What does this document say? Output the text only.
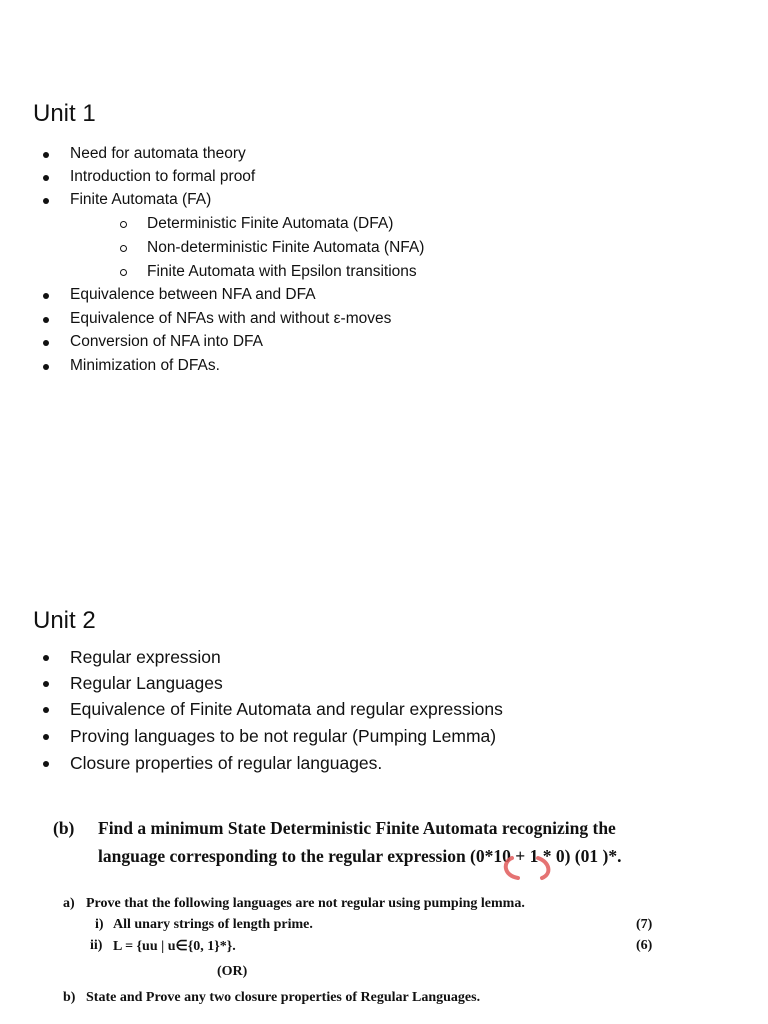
Unit 1
Need for automata theory
Introduction to formal proof
Finite Automata (FA)
Deterministic Finite Automata (DFA)
Non-deterministic Finite Automata (NFA)
Finite Automata with Epsilon transitions
Equivalence between NFA and DFA
Equivalence of NFAs with and without ε-moves
Conversion of NFA into DFA
Minimization of DFAs.
Unit 2
Regular expression
Regular Languages
Equivalence of Finite Automata and regular expressions
Proving languages to be not regular (Pumping Lemma)
Closure properties of regular languages.
(b) Find a minimum State Deterministic Finite Automata recognizing the
language corresponding to the regular expression (0*10 + 1 * 0) (01 )*.
a) Prove that the following languages are not regular using pumping lemma.
i) All unary strings of length prime.	(7)
ii) L = {uu | u∈{0, 1}*}.	(6)
(OR)
b) State and Prove any two closure properties of Regular Languages.
